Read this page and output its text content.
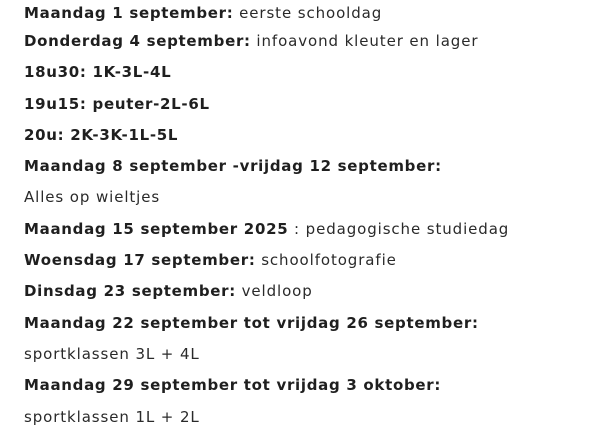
Maandag 1 september: eerste schooldag
Donderdag 4 september: infoavond kleuter en lager
18u30: 1K-3L-4L
19u15: peuter-2L-6L
20u: 2K-3K-1L-5L
Maandag 8 september -vrijdag 12 september:
Alles op wieltjes
Maandag 15 september 2025 : pedagogische studiedag
Woensdag 17 september: schoolfotografie
Dinsdag 23 september: veldloop
Maandag 22 september tot vrijdag 26 september:
sportklassen 3L + 4L
Maandag 29 september tot vrijdag 3 oktober:
sportklassen 1L + 2L
